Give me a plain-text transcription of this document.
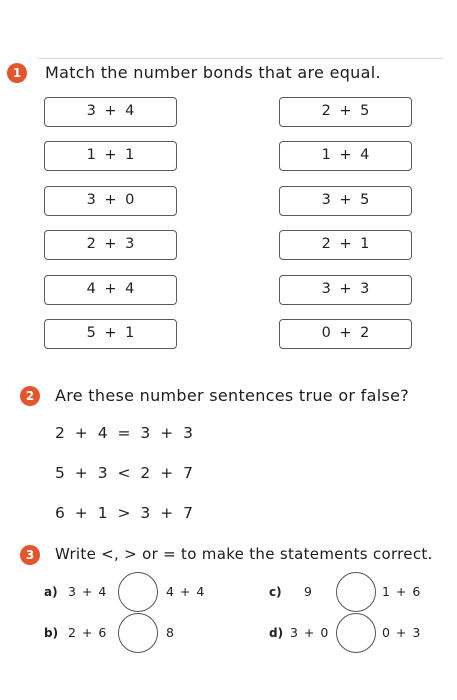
1	Match the number bonds that are equal.
3 + 4
1 + 1
3 + 0
2 + 3
4 + 4
5 + 1
2 + 5
1 + 4
3 + 5
2 + 1
3 + 3
0 + 2
2	Are these number sentences true or false?
2 + 4 = 3 + 3
5 + 3 < 2 + 7
6 + 1 > 3 + 7
3	Write <, > or = to make the statements correct.
a) 3 + 4	4 + 4
b) 2 + 6	8
c) 9	1 + 6
d) 3 + 0	0 + 3
